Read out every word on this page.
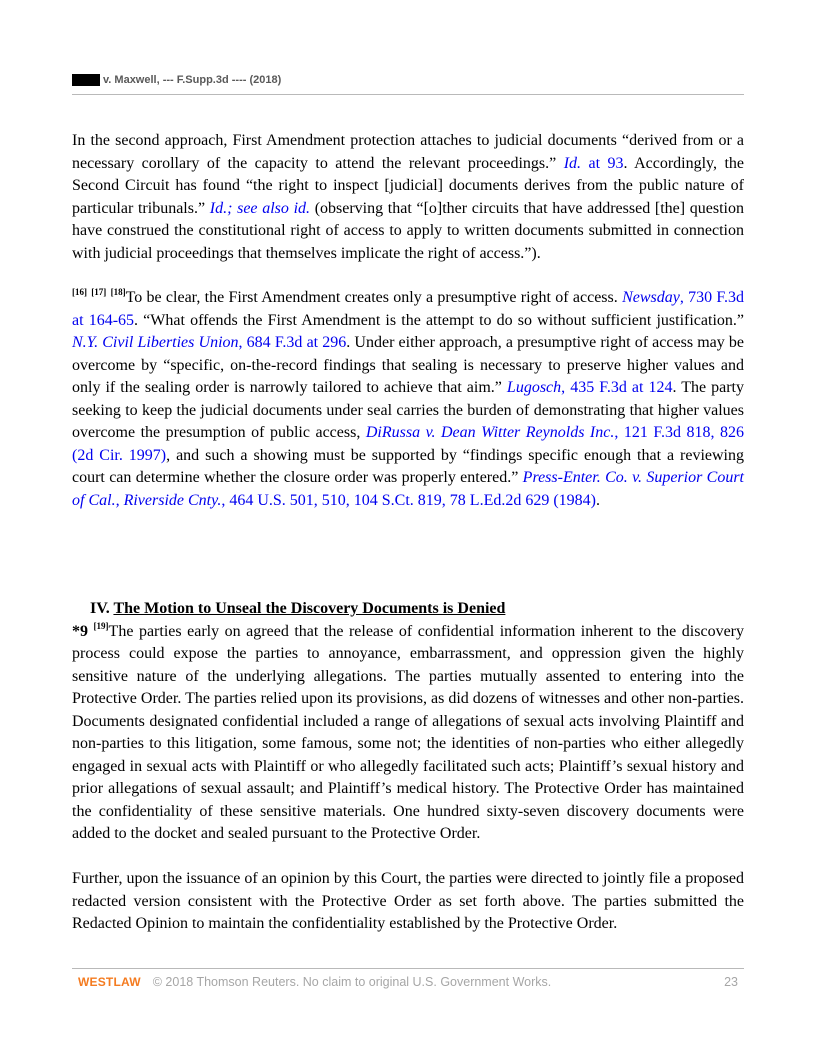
v. Maxwell, --- F.Supp.3d ---- (2018)

In the second approach, First Amendment protection attaches to judicial documents “derived from or a necessary corollary of the capacity to attend the relevant proceedings.” Id. at 93. Accordingly, the Second Circuit has found “the right to inspect [judicial] documents derives from the public nature of particular tribunals.” Id.; see also id. (observing that “[o]ther circuits that have addressed [the] question have construed the constitutional right of access to apply to written documents submitted in connection with judicial proceedings that themselves implicate the right of access.”).

[16] [17] [18]To be clear, the First Amendment creates only a presumptive right of access. Newsday, 730 F.3d at 164-65. “What offends the First Amendment is the attempt to do so without sufficient justification.” N.Y. Civil Liberties Union, 684 F.3d at 296. Under either approach, a presumptive right of access may be overcome by “specific, on-the-record findings that sealing is necessary to preserve higher values and only if the sealing order is narrowly tailored to achieve that aim.” Lugosch, 435 F.3d at 124. The party seeking to keep the judicial documents under seal carries the burden of demonstrating that higher values overcome the presumption of public access, DiRussa v. Dean Witter Reynolds Inc., 121 F.3d 818, 826 (2d Cir. 1997), and such a showing must be supported by “findings specific enough that a reviewing court can determine whether the closure order was properly entered.” Press-Enter. Co. v. Superior Court of Cal., Riverside Cnty., 464 U.S. 501, 510, 104 S.Ct. 819, 78 L.Ed.2d 629 (1984).

IV. The Motion to Unseal the Discovery Documents is Denied

*9 [19]The parties early on agreed that the release of confidential information inherent to the discovery process could expose the parties to annoyance, embarrassment, and oppression given the highly sensitive nature of the underlying allegations. The parties mutually assented to entering into the Protective Order. The parties relied upon its provisions, as did dozens of witnesses and other non-parties. Documents designated confidential included a range of allegations of sexual acts involving Plaintiff and non-parties to this litigation, some famous, some not; the identities of non-parties who either allegedly engaged in sexual acts with Plaintiff or who allegedly facilitated such acts; Plaintiff’s sexual history and prior allegations of sexual assault; and Plaintiff’s medical history. The Protective Order has maintained the confidentiality of these sensitive materials. One hundred sixty-seven discovery documents were added to the docket and sealed pursuant to the Protective Order.

Further, upon the issuance of an opinion by this Court, the parties were directed to jointly file a proposed redacted version consistent with the Protective Order as set forth above. The parties submitted the Redacted Opinion to maintain the confidentiality established by the Protective Order.

WESTLAW © 2018 Thomson Reuters. No claim to original U.S. Government Works.	23
